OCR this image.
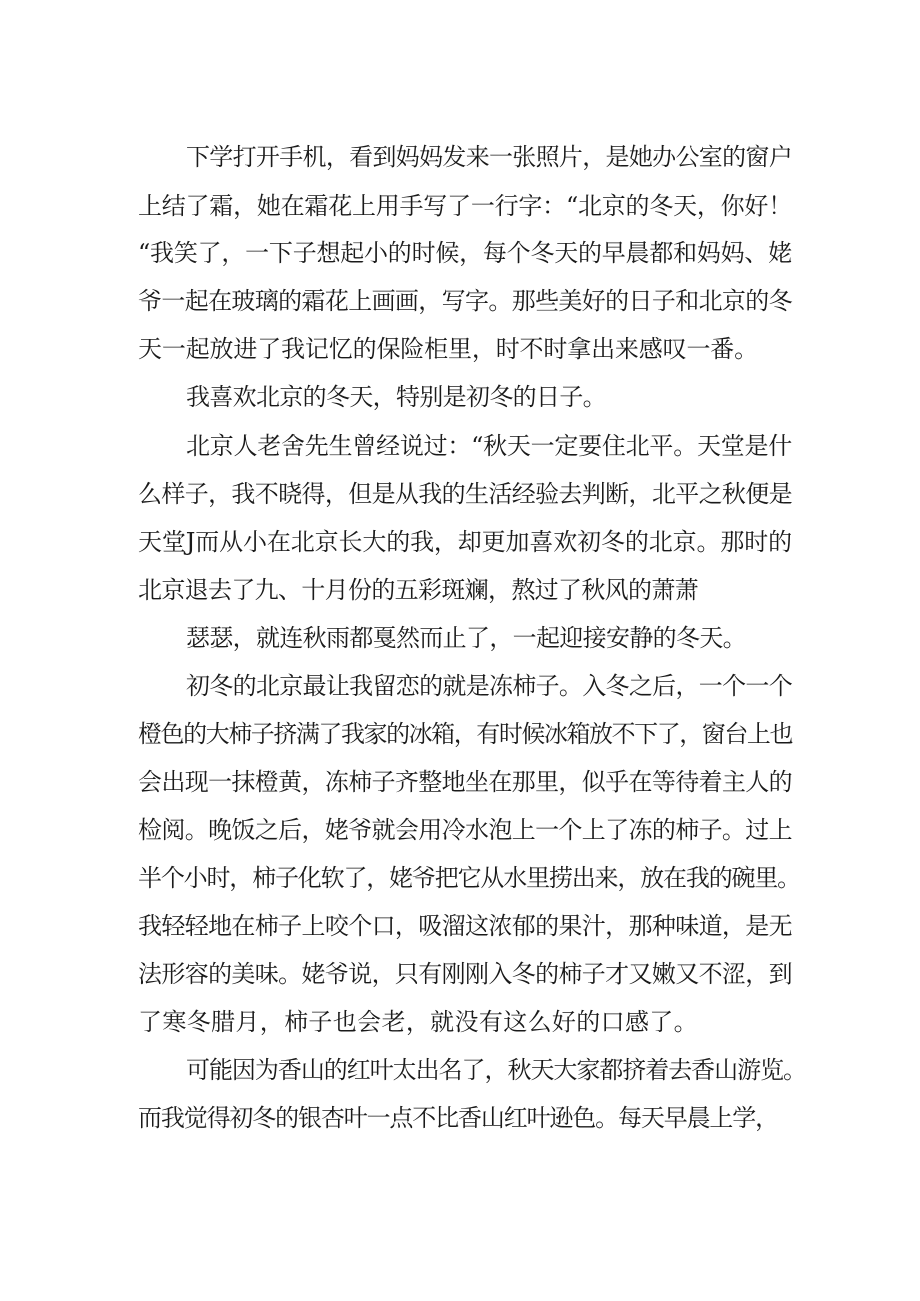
下学打开手机，看到妈妈发来一张照片，是她办公室的窗户
上结了霜，她在霜花上用手写了一行字：“北京的冬天，你好！
“我笑了，一下子想起小的时候，每个冬天的早晨都和妈妈、姥
爷一起在玻璃的霜花上画画，写字。那些美好的日子和北京的冬
天一起放进了我记忆的保险柜里，时不时拿出来感叹一番。
我喜欢北京的冬天，特别是初冬的日子。
北京人老舍先生曾经说过：“秋天一定要住北平。天堂是什
么样子，我不晓得，但是从我的生活经验去判断，北平之秋便是
天堂J而从小在北京长大的我，却更加喜欢初冬的北京。那时的
北京退去了九、十月份的五彩斑斓，熬过了秋风的萧萧
瑟瑟，就连秋雨都戛然而止了，一起迎接安静的冬天。
初冬的北京最让我留恋的就是冻柿子。入冬之后，一个一个
橙色的大柿子挤满了我家的冰箱，有时候冰箱放不下了，窗台上也
会出现一抹橙黄，冻柿子齐整地坐在那里，似乎在等待着主人的
检阅。晚饭之后，姥爷就会用冷水泡上一个上了冻的柿子。过上
半个小时，柿子化软了，姥爷把它从水里捞出来，放在我的碗里。
我轻轻地在柿子上咬个口，吸溜这浓郁的果汁，那种味道，是无
法形容的美味。姥爷说，只有刚刚入冬的柿子才又嫩又不涩，到
了寒冬腊月，柿子也会老，就没有这么好的口感了。
可能因为香山的红叶太出名了，秋天大家都挤着去香山游览。
而我觉得初冬的银杏叶一点不比香山红叶逊色。每天早晨上学，
